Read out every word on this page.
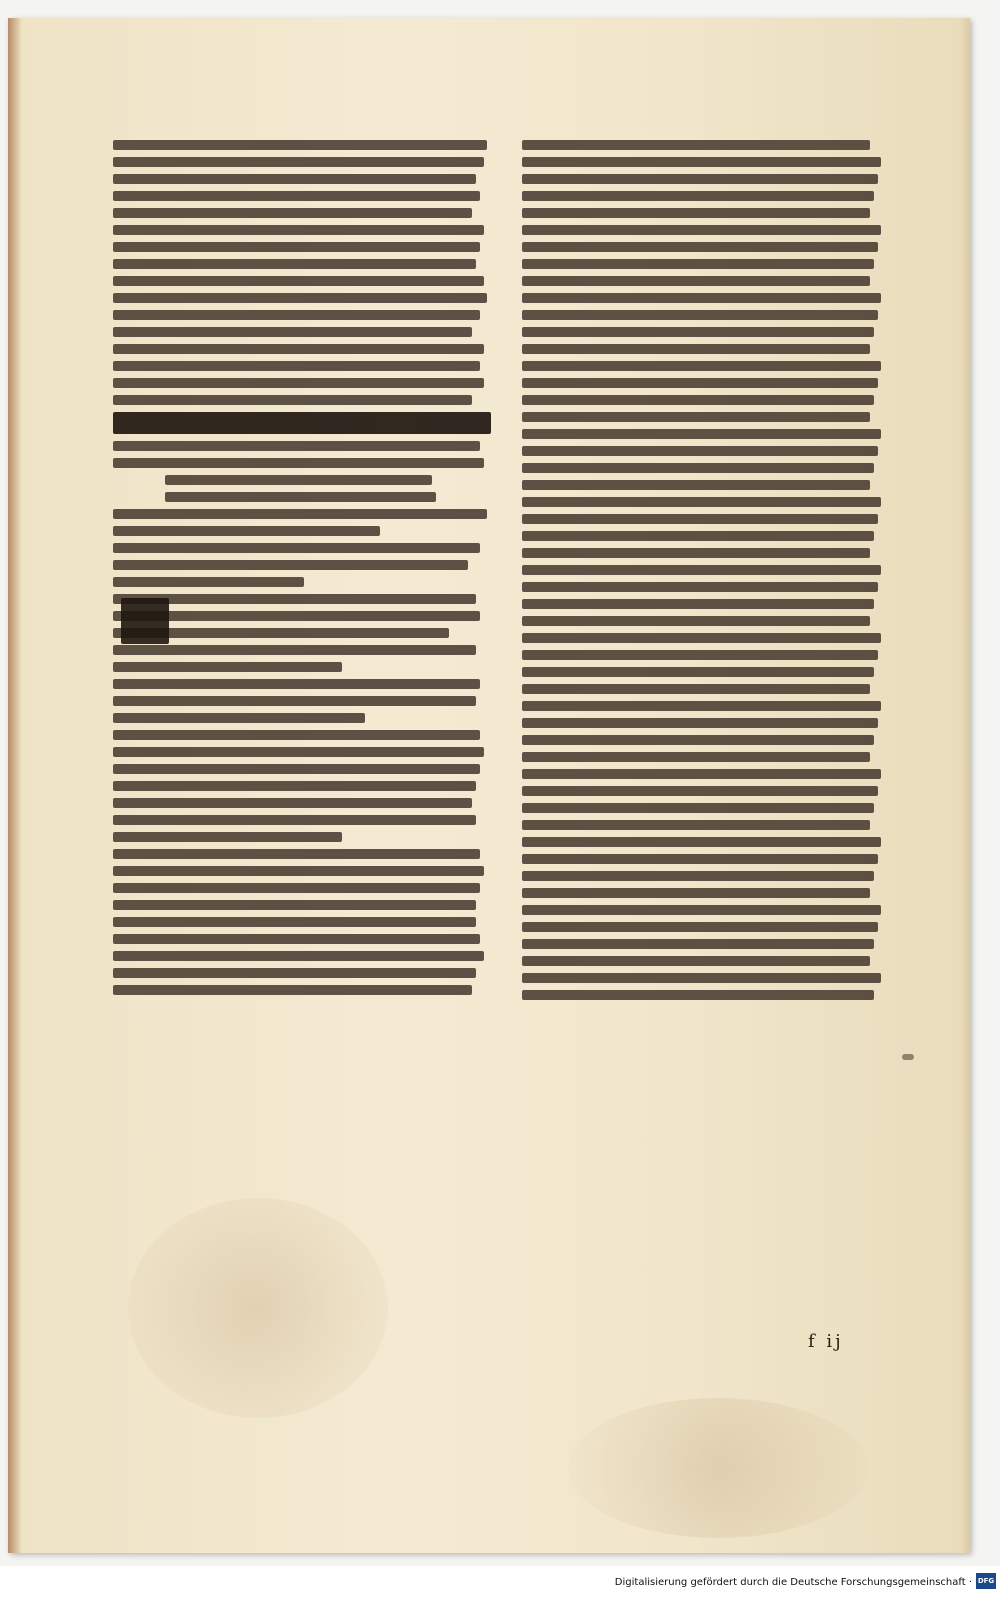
f ij
Digitalisierung gefördert durch die Deutsche Forschungsgemeinschaft · DFG
